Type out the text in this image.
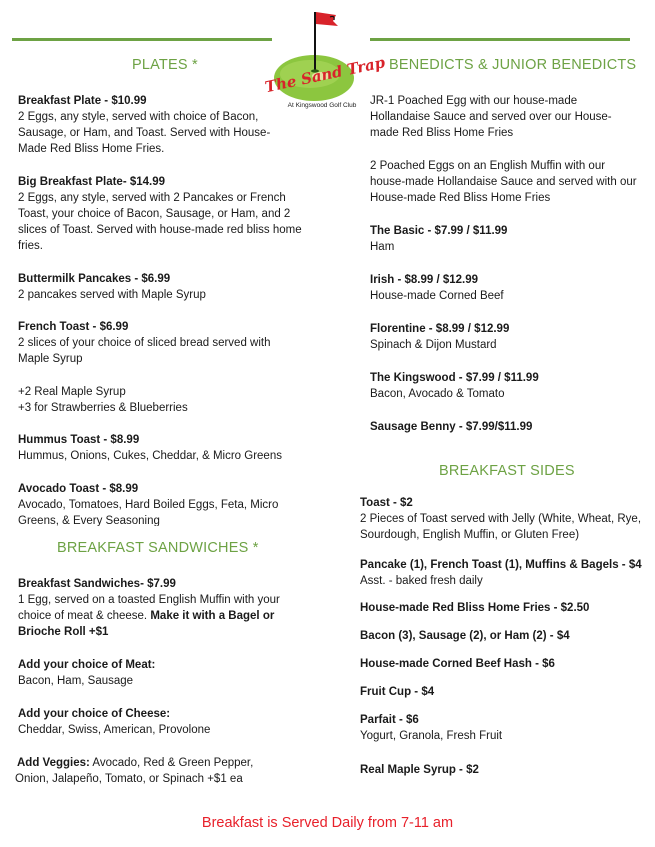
The Sand Trap
At Kingswood Golf Club
PLATES *
Breakfast Plate - $10.99
2 Eggs, any style, served with choice of Bacon, Sausage, or Ham, and Toast. Served with House-Made Red Bliss Home Fries.
Big Breakfast Plate- $14.99
2 Eggs, any style, served with 2 Pancakes or French Toast, your choice of Bacon, Sausage, or Ham, and 2 slices of Toast. Served with house-made red bliss home fries.
Buttermilk Pancakes - $6.99
2 pancakes served with Maple Syrup
French Toast - $6.99
2 slices of your choice of sliced bread served with Maple Syrup
+2 Real Maple Syrup
+3 for Strawberries & Blueberries
Hummus Toast - $8.99
Hummus, Onions, Cukes, Cheddar, & Micro Greens
Avocado Toast - $8.99
Avocado, Tomatoes, Hard Boiled Eggs, Feta, Micro Greens, & Every Seasoning
BREAKFAST SANDWICHES *
Breakfast Sandwiches- $7.99
1 Egg, served on a toasted English Muffin with your choice of meat & cheese. Make it with a Bagel or Brioche Roll +$1
Add your choice of Meat:
Bacon, Ham, Sausage
Add your choice of Cheese:
Cheddar, Swiss, American, Provolone
Add Veggies: Avocado, Red & Green Pepper,
Onion, Jalapeño, Tomato, or Spinach +$1 ea
BENEDICTS & JUNIOR BENEDICTS
JR-1 Poached Egg with our house-made Hollandaise Sauce and served over our House-made Red Bliss Home Fries
2 Poached Eggs on an English Muffin with our house-made Hollandaise Sauce and served with our House-made Red Bliss Home Fries
The Basic - $7.99 / $11.99
Ham
Irish - $8.99 / $12.99
House-made Corned Beef
Florentine - $8.99 / $12.99
Spinach & Dijon Mustard
The Kingswood - $7.99 / $11.99
Bacon, Avocado & Tomato
Sausage Benny - $7.99/$11.99
BREAKFAST SIDES
Toast - $2
2 Pieces of Toast served with Jelly (White, Wheat, Rye, Sourdough, English Muffin, or Gluten Free)
Pancake (1), French Toast (1), Muffins & Bagels - $4
Asst. - baked fresh daily
House-made Red Bliss Home Fries - $2.50
Bacon (3), Sausage (2), or Ham (2) - $4
House-made Corned Beef Hash - $6
Fruit Cup - $4
Parfait - $6
Yogurt, Granola, Fresh Fruit
Real Maple Syrup - $2
Breakfast is Served Daily from 7-11 am
